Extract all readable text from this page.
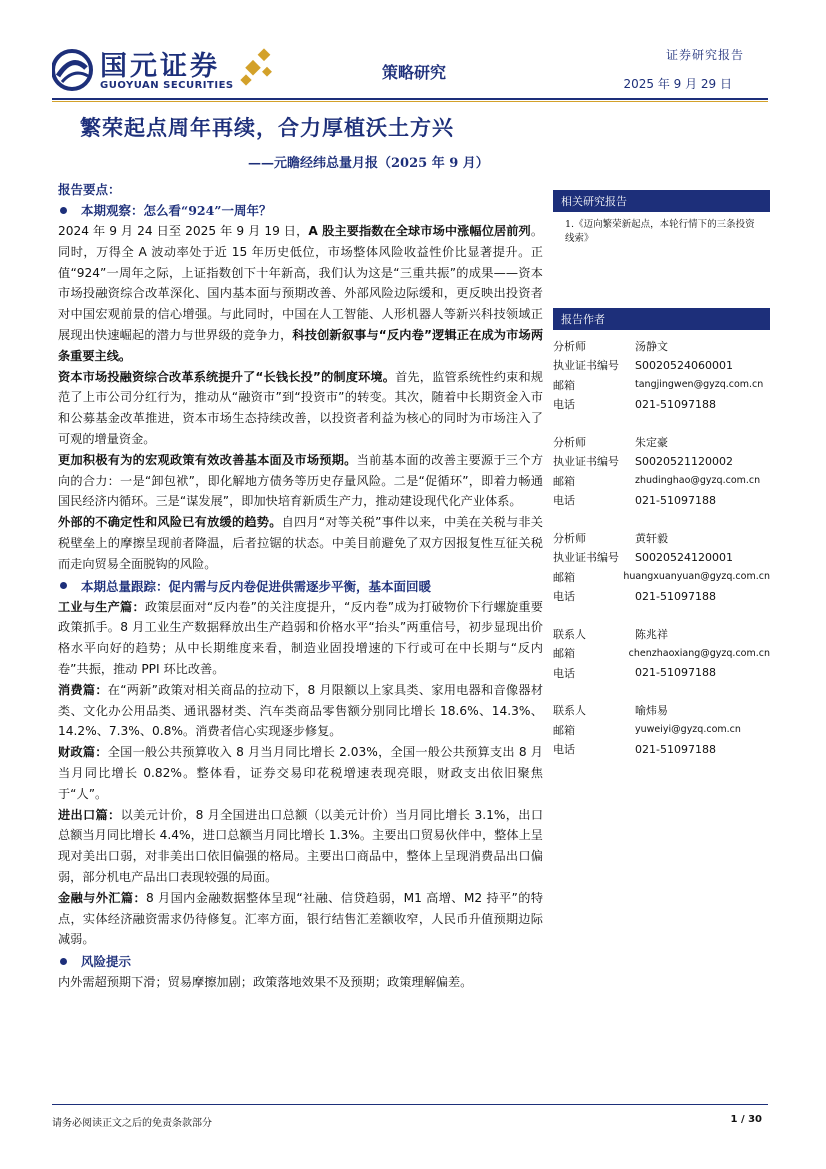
国元证券
GUOYUAN SECURITIES
策略研究
证券研究报告
2025 年 9 月 29 日
繁荣起点周年再续，合力厚植沃土方兴
——元瞻经纬总量月报（2025 年 9 月）
报告要点：
本期观察：怎么看“924”一周年？

2024 年 9 月 24 日至 2025 年 9 月 19 日，A 股主要指数在全球市场中涨幅位居前列。同时，万得全 A 波动率处于近 15 年历史低位，市场整体风险收益性价比显著提升。正值“924”一周年之际，上证指数创下十年新高，我们认为这是“三重共振”的成果——资本市场投融资综合改革深化、国内基本面与预期改善、外部风险边际缓和，更反映出投资者对中国宏观前景的信心增强。与此同时，中国在人工智能、人形机器人等新兴科技领域正展现出快速崛起的潜力与世界级的竞争力，科技创新叙事与“反内卷”逻辑正在成为市场两条重要主线。

资本市场投融资综合改革系统提升了“长钱长投”的制度环境。首先，监管系统性约束和规范了上市公司分红行为，推动从“融资市”到“投资市”的转变。其次，随着中长期资金入市和公募基金改革推进，资本市场生态持续改善，以投资者利益为核心的同时为市场注入了可观的增量资金。

更加积极有为的宏观政策有效改善基本面及市场预期。当前基本面的改善主要源于三个方向的合力：一是“卸包袱”，即化解地方债务等历史存量风险。二是“促循环”，即着力畅通国民经济内循环。三是“谋发展”，即加快培育新质生产力，推动建设现代化产业体系。

外部的不确定性和风险已有放缓的趋势。自四月“对等关税”事件以来，中美在关税与非关税壁垒上的摩擦呈现前者降温，后者拉锯的状态。中美目前避免了双方因报复性互征关税而走向贸易全面脱钩的风险。

本期总量跟踪：促内需与反内卷促进供需逐步平衡，基本面回暖

工业与生产篇：政策层面对“反内卷”的关注度提升，“反内卷”成为打破物价下行螺旋重要政策抓手。8 月工业生产数据释放出生产趋弱和价格水平“抬头”两重信号，初步显现出价格水平向好的趋势；从中长期维度来看，制造业固投增速的下行或可在中长期与“反内卷”共振，推动 PPI 环比改善。

消费篇：在“两新”政策对相关商品的拉动下，8 月限额以上家具类、家用电器和音像器材类、文化办公用品类、通讯器材类、汽车类商品零售额分别同比增长 18.6%、14.3%、14.2%、7.3%、0.8%。消费者信心实现逐步修复。

财政篇：全国一般公共预算收入 8 月当月同比增长 2.03%，全国一般公共预算支出 8 月当月同比增长 0.82%。整体看，证券交易印花税增速表现亮眼，财政支出依旧聚焦于“人”。

进出口篇：以美元计价，8 月全国进出口总额（以美元计价）当月同比增长 3.1%，出口总额当月同比增长 4.4%，进口总额当月同比增长 1.3%。主要出口贸易伙伴中，整体上呈现对美出口弱，对非美出口依旧偏强的格局。主要出口商品中，整体上呈现消费品出口偏弱，部分机电产品出口表现较强的局面。

金融与外汇篇：8 月国内金融数据整体呈现“社融、信贷趋弱，M1 高增、M2 持平”的特点，实体经济融资需求仍待修复。汇率方面，银行结售汇差额收窄，人民币升值预期边际减弱。

风险提示

内外需超预期下滑；贸易摩擦加剧；政策落地效果不及预期；政策理解偏差。

相关研究报告
1.《迈向繁荣新起点，本轮行情下的三条投资线索》
报告作者
分析师	汤静文
执业证书编号	S0020524060001
邮箱	tangjingwen@gyzq.com.cn
电话	021-51097188
分析师	朱定豪
执业证书编号	S0020521120002
邮箱	zhudinghao@gyzq.com.cn
电话	021-51097188
分析师	黄轩毅
执业证书编号	S0020524120001
邮箱	huangxuanyuan@gyzq.com.cn
电话	021-51097188
联系人	陈兆祥
邮箱	chenzhaoxiang@gyzq.com.cn
电话	021-51097188
联系人	喻炜易
邮箱	yuweiyi@gyzq.com.cn
电话	021-51097188
请务必阅读正文之后的免责条款部分	1 / 30
